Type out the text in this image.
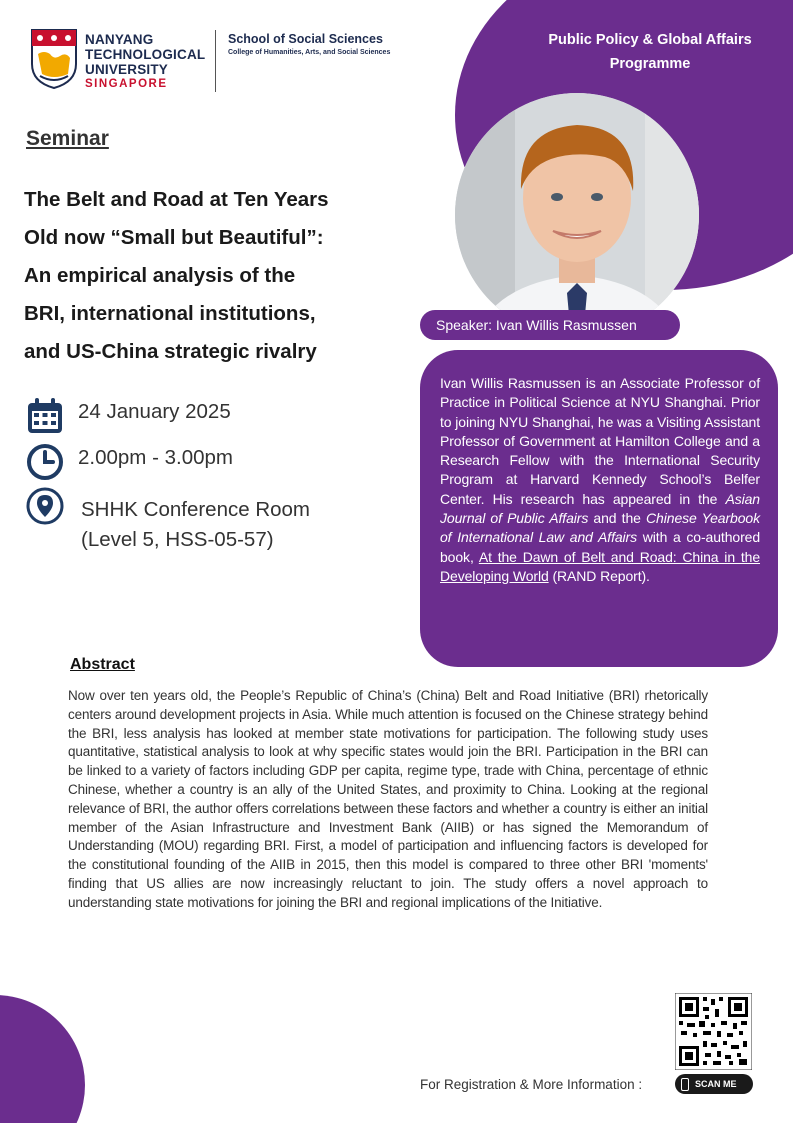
NANYANG
TECHNOLOGICAL
UNIVERSITY
SINGAPORE
School of Social Sciences
College of Humanities, Arts, and Social Sciences
Public Policy & Global Affairs
Programme
Seminar
The Belt and Road at Ten Years
Old now “Small but Beautiful”:
An empirical analysis of the
BRI, international institutions,
and US-China strategic rivalry
Speaker: Ivan Willis Rasmussen
24 January 2025
2.00pm - 3.00pm
SHHK Conference Room
(Level 5, HSS-05-57)

Ivan Willis Rasmussen is an Associate Professor of Practice in Political Science at NYU Shanghai. Prior to joining NYU Shanghai, he was a Visiting Assistant Professor of Government at Hamilton College and a Research Fellow with the International Security Program at Harvard Kennedy School’s Belfer Center. His research has appeared in the Asian Journal of Public Affairs and the Chinese Yearbook of International Law and Affairs with a co-authored book, At the Dawn of Belt and Road: China in the Developing World (RAND Report).

Abstract
Now over ten years old, the People’s Republic of China’s (China) Belt and Road Initiative (BRI) rhetorically centers around development projects in Asia. While much attention is focused on the Chinese strategy behind the BRI, less analysis has looked at member state motivations for participation. The following study uses quantitative, statistical analysis to look at why specific states would join the BRI. Participation in the BRI can be linked to a variety of factors including GDP per capita, regime type, trade with China, percentage of ethnic Chinese, whether a country is an ally of the United States, and proximity to China. Looking at the regional relevance of BRI, the author offers correlations between these factors and whether a country is either an initial member of the Asian Infrastructure and Investment Bank (AIIB) or has signed the Memorandum of Understanding (MOU) regarding BRI. First, a model of participation and influencing factors is developed for the constitutional founding of the AIIB in 2015, then this model is compared to three other BRI 'moments' finding that US allies are now increasingly reluctant to join. The study offers a novel approach to understanding state motivations for joining the BRI and regional implications of the Initiative.
For Registration & More Information :	SCAN ME
